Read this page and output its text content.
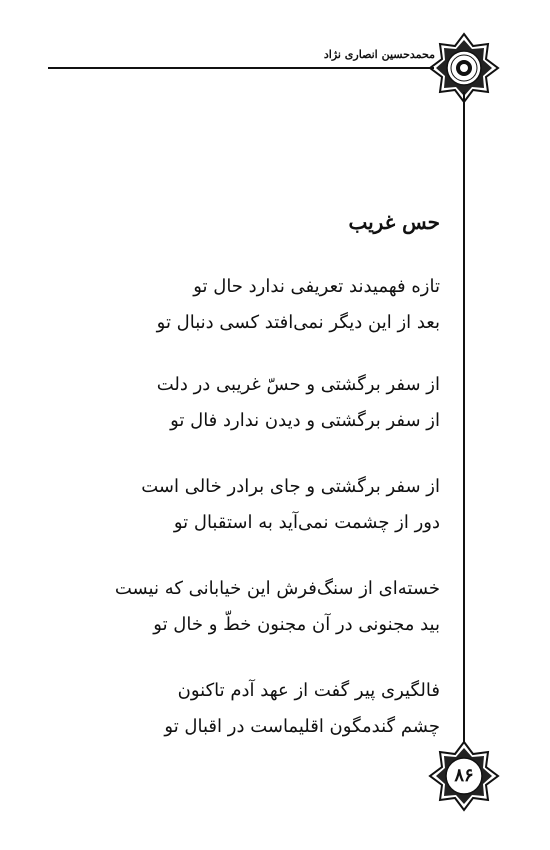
محمدحسین انصاری نژاد
حس غریب
تازه فهمیدند تعریفی ندارد حال تو
بعد از این دیگر نمی‌افتد کسی دنبال تو
از سفر برگشتی و حسّ غریبی در دلت
از سفر برگشتی و دیدن ندارد فال تو
از سفر برگشتی و جای برادر خالی است
دور از چشمت نمی‌آید به استقبال تو
خسته‌ای از سنگ‌فرش این خیابانی که نیست
بید مجنونی در آن مجنون خطّ و خال تو
فالگیری پیر گفت از عهد آدم تاکنون
چشم گندمگون اقلیماست در اقبال تو
۸۶
